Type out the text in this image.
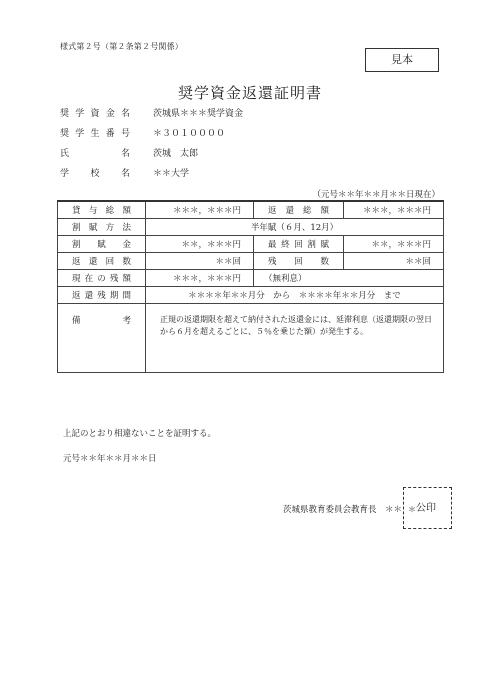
様式第２号（第２条第２号関係）
見本
奨学資金返還証明書
奨学資金名	茨城県＊＊＊奨学資金
奨学生番号	＊３０１００００
氏名	茨城　太郎
学校名	＊＊大学
（元号＊＊年＊＊月＊＊日現在）
貸与総額	＊＊＊，＊＊＊円	返還総額	＊＊＊，＊＊＊円
割賦方法	半年賦（６月、12月）		
割賦金	＊＊，＊＊＊円	最終回割賦	＊＊，＊＊＊円
返還回数	＊＊回	残回数	＊＊回
現在の残額	＊＊＊，＊＊＊円	（無利息）	
返還残期間	＊＊＊＊年＊＊月分　から　＊＊＊＊年＊＊月分　まで		
備考	正規の返還期限を超えて納付された返還金には、延滞利息（返還期限の翌日から６月を超えるごとに、５％を乗じた額）が発生する。		
上記のとおり相違ないことを証明する。
元号＊＊年＊＊月＊＊日
茨城県教育委員会教育長　＊＊ ＊ 公印
